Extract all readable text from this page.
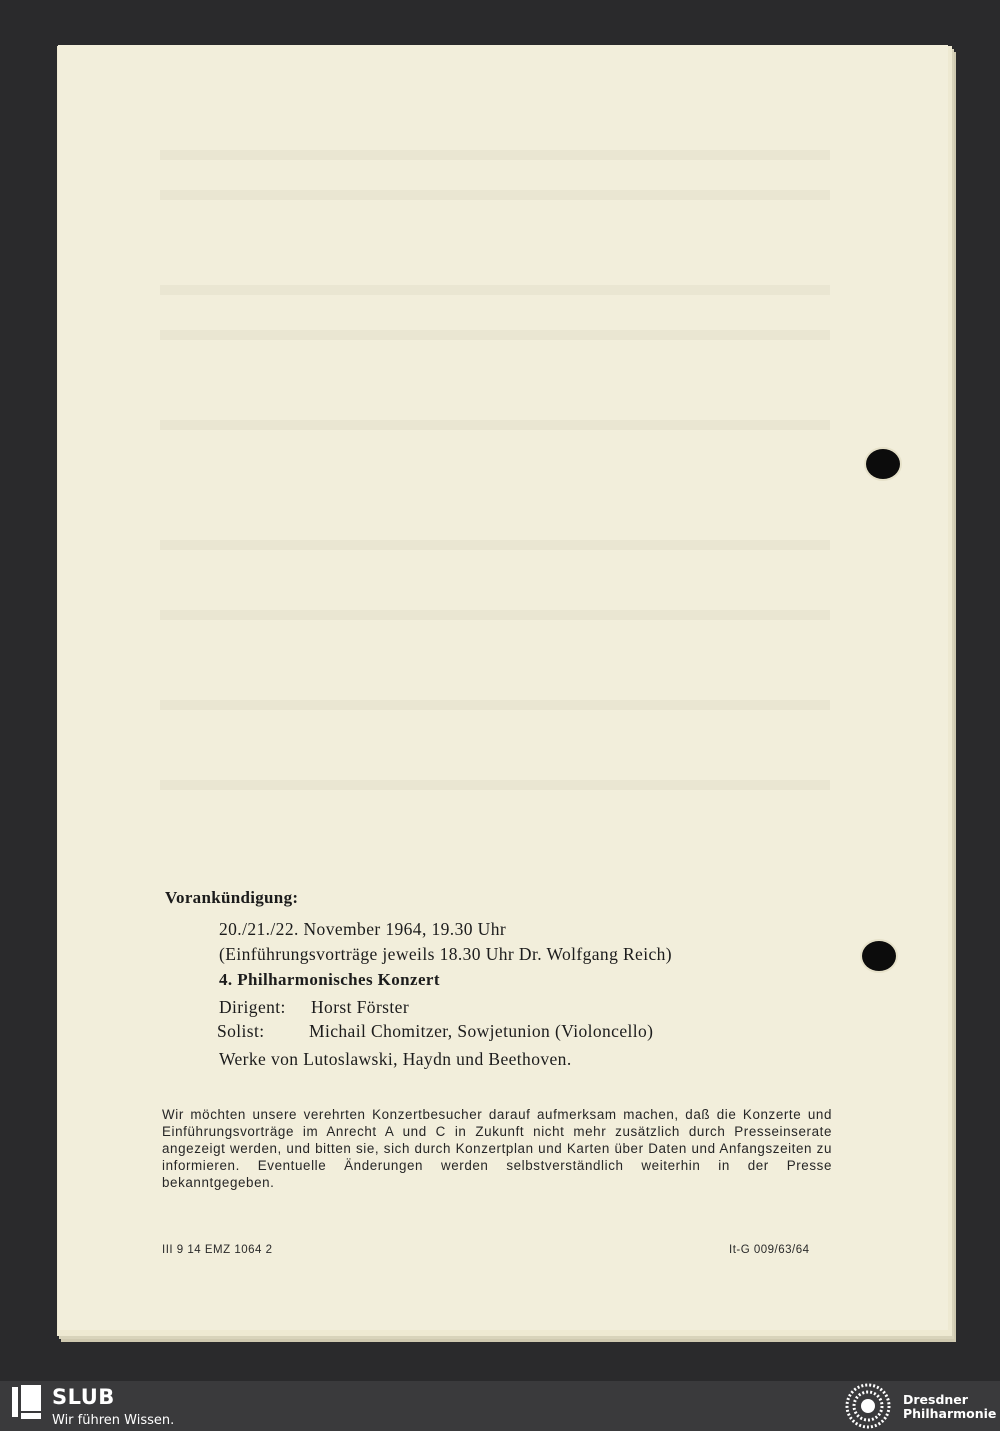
Vorankündigung:
20./21./22. November 1964, 19.30 Uhr
(Einführungsvorträge jeweils 18.30 Uhr Dr. Wolfgang Reich)
4. Philharmonisches Konzert
Dirigent: Horst Förster
Solist:	Michail Chomitzer, Sowjetunion (Violoncello)
Werke von Lutoslawski, Haydn und Beethoven.
Wir möchten unsere verehrten Konzertbesucher darauf aufmerksam machen, daß die Konzerte und Einführungsvorträge im Anrecht A und C in Zukunft nicht mehr zusätzlich durch Presseinserate angezeigt werden, und bitten sie, sich durch Konzertplan und Karten über Daten und Anfangszeiten zu informieren. Eventuelle Änderungen werden selbstverständlich weiterhin in der Presse bekanntgegeben.
III 9 14 EMZ 1064 2	It-G 009/63/64
SLUB
Wir führen Wissen.
Dresdner
Philharmonie
